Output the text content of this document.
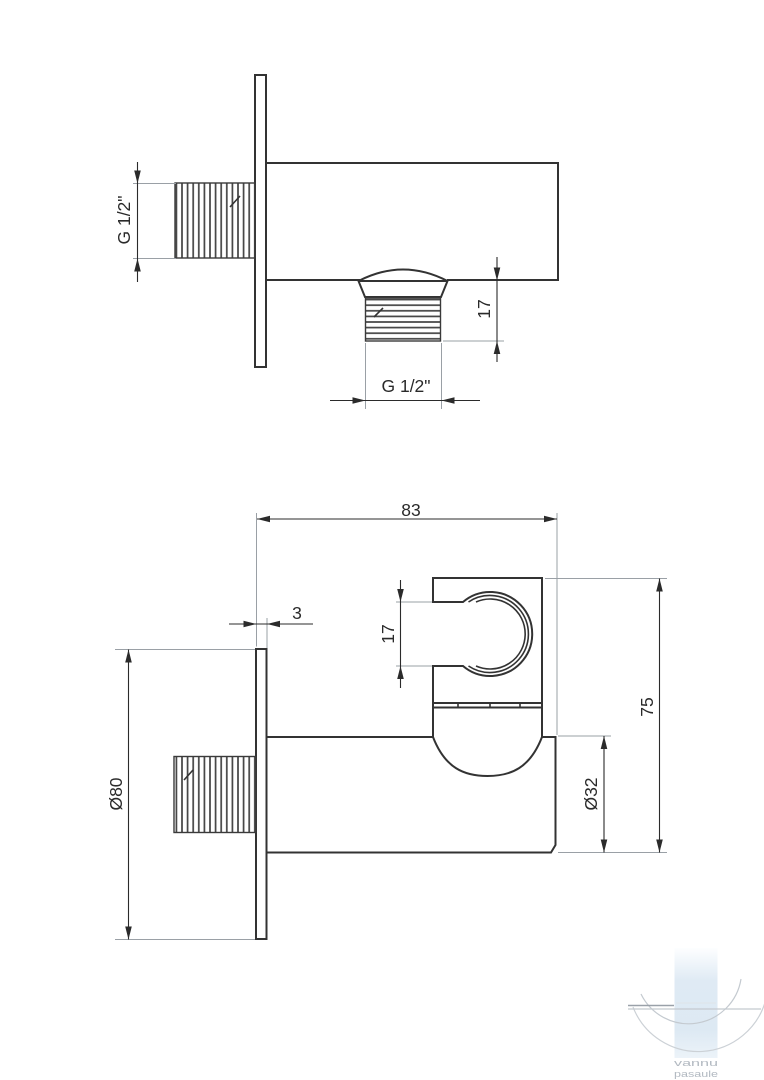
G 1/2"
17
G 1/2"
83
3
17
Ø80	Ø32
75
vannu
pasaule
